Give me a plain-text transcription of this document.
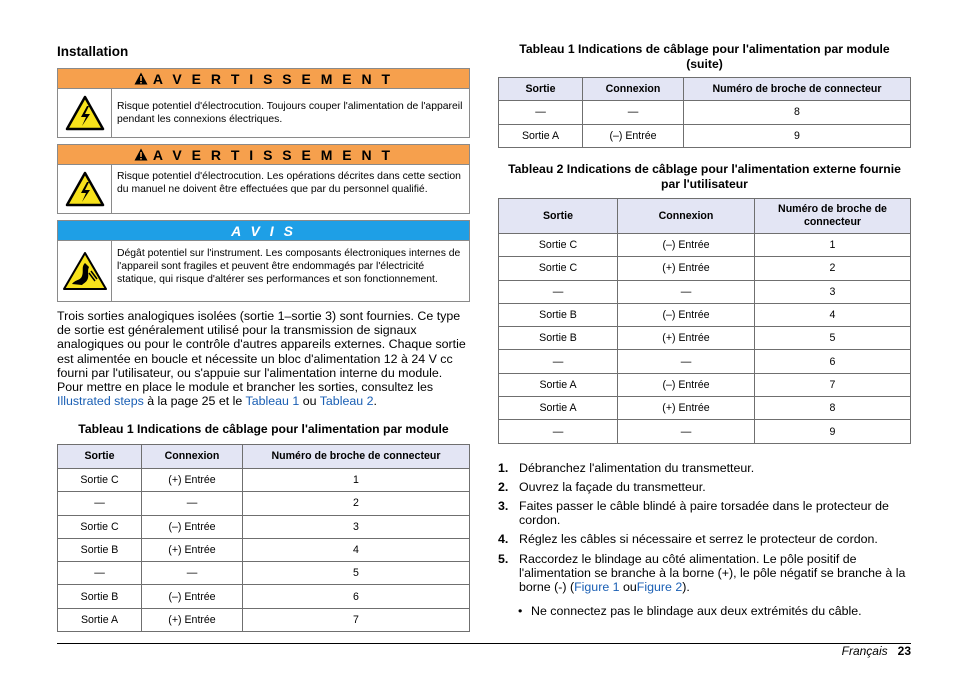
Installation
A V E R T I S S E M E N T
Risque potentiel d'électrocution. Toujours couper l'alimentation de l'appareil pendant les connexions électriques.
A V E R T I S S E M E N T
Risque potentiel d'électrocution. Les opérations décrites dans cette section du manuel ne doivent être effectuées que par du personnel qualifié.
A V I S
Dégât potentiel sur l'instrument. Les composants électroniques internes de l'appareil sont fragiles et peuvent être endommagés par l'électricité statique, qui risque d'altérer ses performances et son fonctionnement.

Trois sorties analogiques isolées (sortie 1–sortie 3) sont fournies. Ce type de sortie est généralement utilisé pour la transmission de signaux analogiques ou pour le contrôle d'autres appareils externes. Chaque sortie est alimentée en boucle et nécessite un bloc d'alimentation 12 à 24 V cc fourni par l'utilisateur, ou s'appuie sur l'alimentation interne du module. Pour mettre en place le module et brancher les sorties, consultez les Illustrated steps à la page 25 et le Tableau 1 ou Tableau 2.

Tableau 1 Indications de câblage pour l'alimentation par module
Sortie	Connexion	Numéro de broche de connecteur
Sortie C	(+) Entrée	1
—	—	2
Sortie C	(–) Entrée	3
Sortie B	(+) Entrée	4
—	—	5
Sortie B	(–) Entrée	6
Sortie A	(+) Entrée	7
Tableau 1 Indications de câblage pour l'alimentation par module
(suite)
Sortie	Connexion	Numéro de broche de connecteur
—	—	8
Sortie A	(–) Entrée	9
Tableau 2 Indications de câblage pour l'alimentation externe fournie
par l'utilisateur
Sortie	Connexion	Numéro de broche de connecteur
Sortie C	(–) Entrée	1
Sortie C	(+) Entrée	2
—	—	3
Sortie B	(–) Entrée	4
Sortie B	(+) Entrée	5
—	—	6
Sortie A	(–) Entrée	7
Sortie A	(+) Entrée	8
—	—	9
1. Débranchez l'alimentation du transmetteur.
2. Ouvrez la façade du transmetteur.
3. Faites passer le câble blindé à paire torsadée dans le protecteur de cordon.
4. Réglez les câbles si nécessaire et serrez le protecteur de cordon.
5. Raccordez le blindage au côté alimentation. Le pôle positif de l'alimentation se branche à la borne (+), le pôle négatif se branche à la borne (-) (Figure 1 ouFigure 2).
• Ne connectez pas le blindage aux deux extrémités du câble.
Français 23
